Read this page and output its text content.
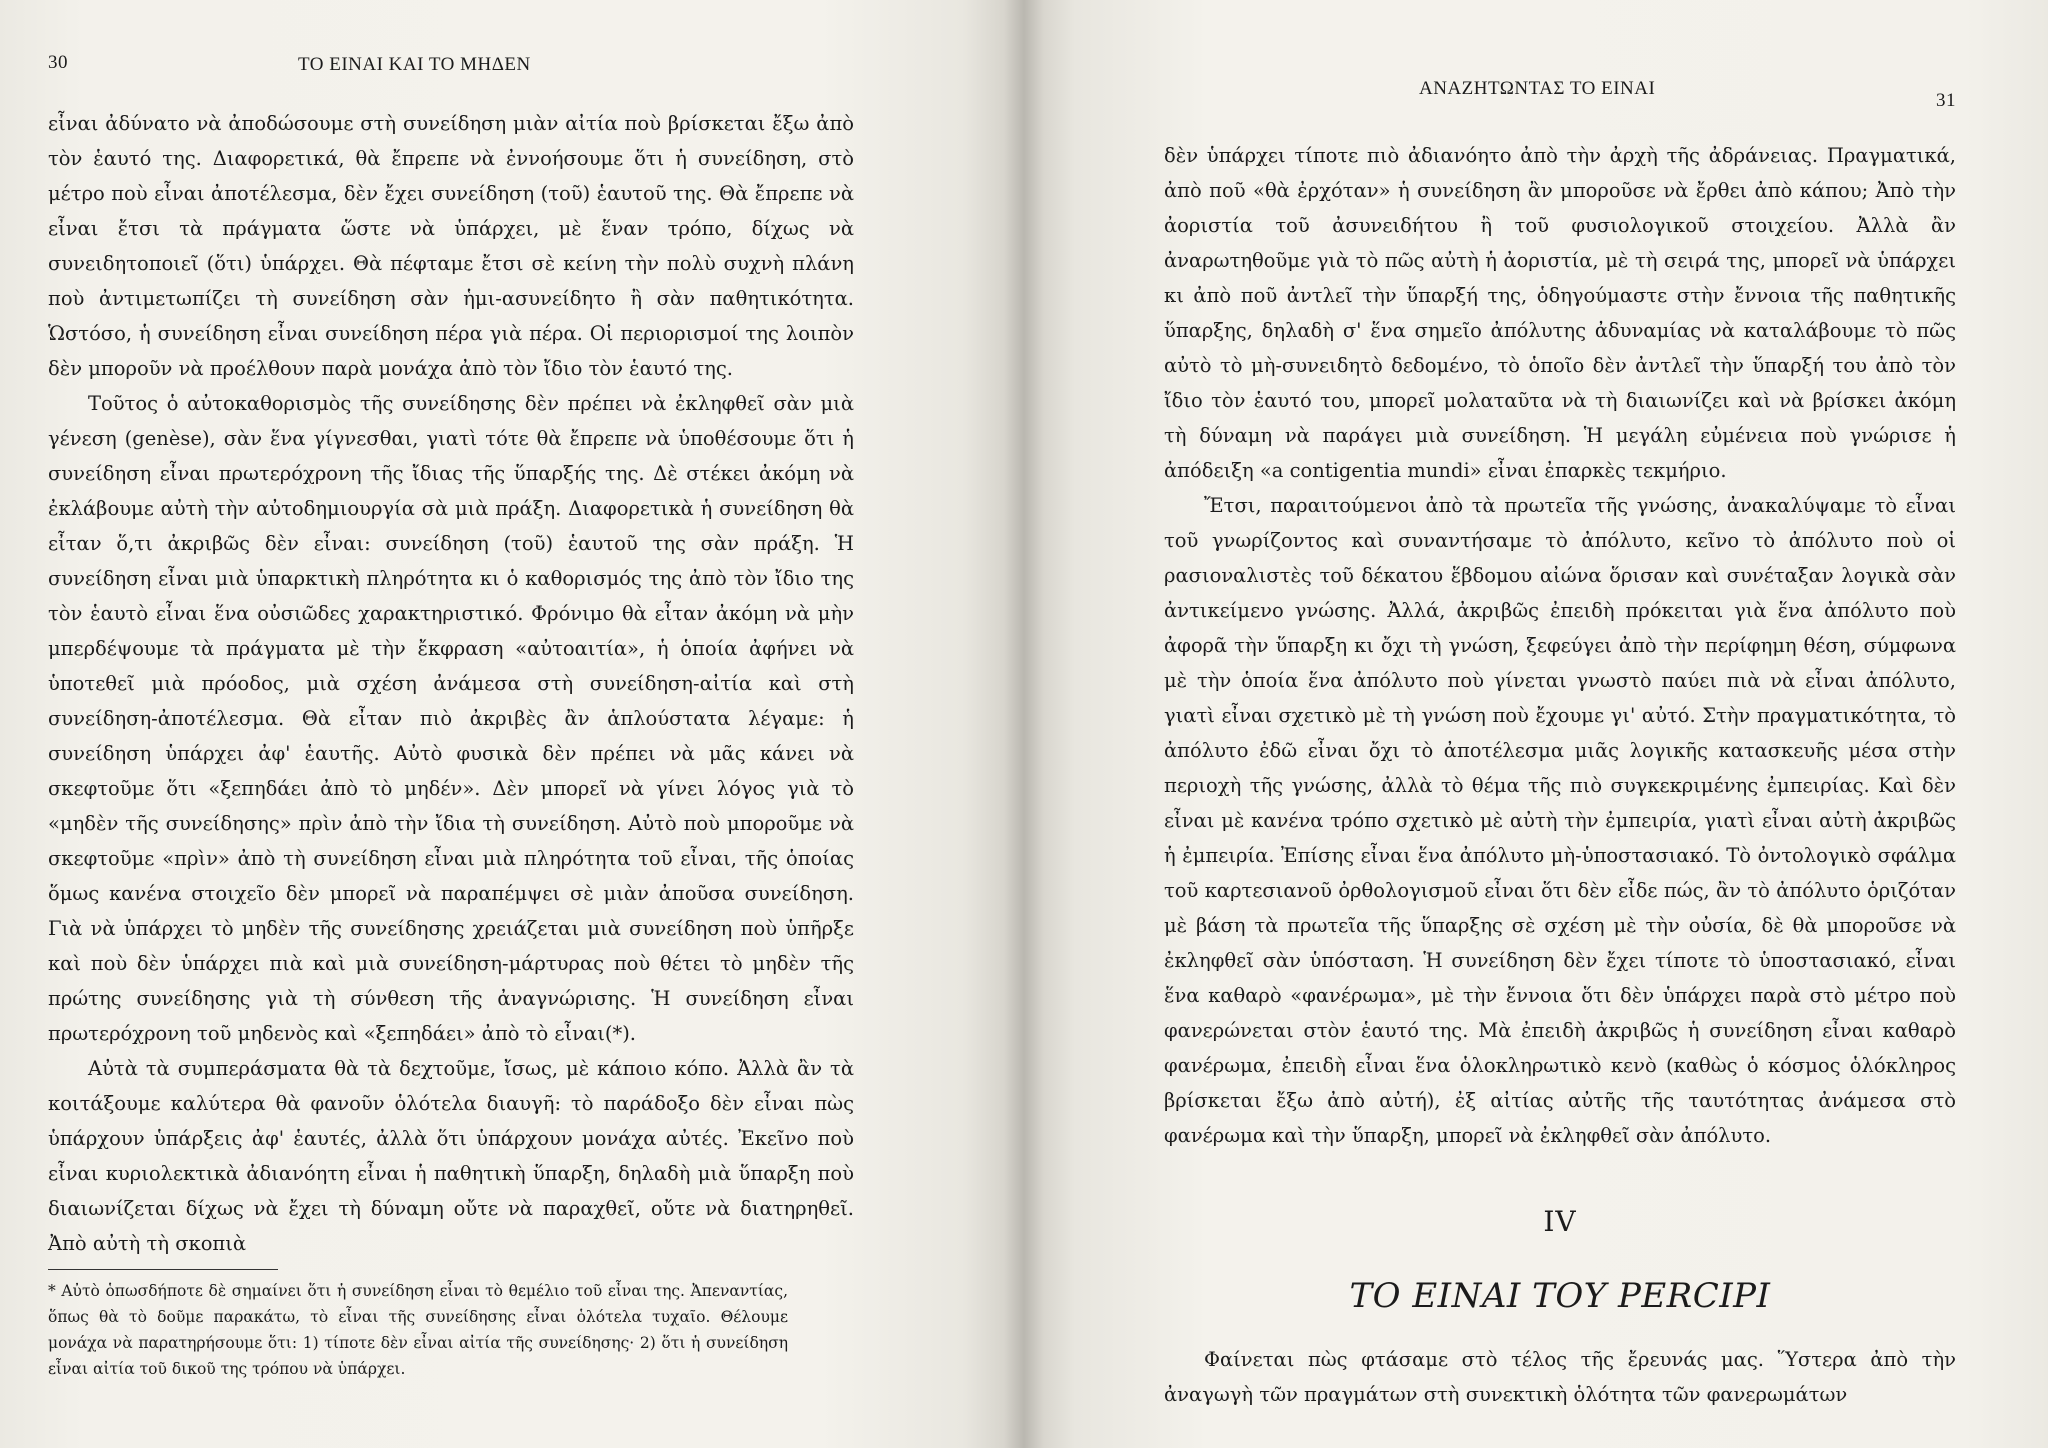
30	ΤΟ ΕΙΝΑΙ ΚΑΙ ΤΟ ΜΗΔΕΝ

εἶναι ἀδύνατο νὰ ἀποδώσουμε στὴ συνείδηση μιὰν αἰτία ποὺ βρίσκεται ἔξω ἀπὸ τὸν ἑαυτό της. Διαφορετικά, θὰ ἔπρεπε νὰ ἐννοήσουμε ὅτι ἡ συνείδηση, στὸ μέτρο ποὺ εἶναι ἀποτέλεσμα, δὲν ἔχει συνείδηση (τοῦ) ἑαυτοῦ της. Θὰ ἔπρεπε νὰ εἶναι ἔτσι τὰ πράγματα ὥστε νὰ ὑπάρχει, μὲ ἕναν τρόπο, δίχως νὰ συνειδητοποιεῖ (ὅτι) ὑπάρχει. Θὰ πέφταμε ἔτσι σὲ κείνη τὴν πολὺ συχνὴ πλάνη ποὺ ἀντιμετωπίζει τὴ συνείδηση σὰν ἡμι-ασυνείδητο ἢ σὰν παθητικότητα. Ὡστόσο, ἡ συνείδηση εἶναι συνείδηση πέρα γιὰ πέρα. Οἱ περιορισμοί της λοιπὸν δὲν μποροῦν νὰ προέλθουν παρὰ μονάχα ἀπὸ τὸν ἴδιο τὸν ἑαυτό της.

Τοῦτος ὁ αὐτοκαθορισμὸς τῆς συνείδησης δὲν πρέπει νὰ ἐκληφθεῖ σὰν μιὰ γένεση (genèse), σὰν ἕνα γίγνεσθαι, γιατὶ τότε θὰ ἔπρεπε νὰ ὑποθέσουμε ὅτι ἡ συνείδηση εἶναι πρωτερόχρονη τῆς ἴδιας τῆς ὕπαρξής της. Δὲ στέκει ἀκόμη νὰ ἐκλάβουμε αὐτὴ τὴν αὐτοδημιουργία σὰ μιὰ πράξη. Διαφορετικὰ ἡ συνείδηση θὰ εἶταν ὅ,τι ἀκριβῶς δὲν εἶναι: συνείδηση (τοῦ) ἑαυτοῦ της σὰν πράξη. Ἡ συνείδηση εἶναι μιὰ ὑπαρκτικὴ πληρότητα κι ὁ καθορισμός της ἀπὸ τὸν ἴδιο της τὸν ἑαυτὸ εἶναι ἕνα οὐσιῶδες χαρακτηριστικό. Φρόνιμο θὰ εἶταν ἀκόμη νὰ μὴν μπερδέψουμε τὰ πράγματα μὲ τὴν ἔκφραση «αὐτοαιτία», ἡ ὁποία ἀφήνει νὰ ὑποτεθεῖ μιὰ πρόοδος, μιὰ σχέση ἀνάμεσα στὴ συνείδηση-αἰτία καὶ στὴ συνείδηση-ἀποτέλεσμα. Θὰ εἶταν πιὸ ἀκριβὲς ἂν ἁπλούστατα λέγαμε: ἡ συνείδηση ὑπάρχει ἀφ' ἑαυτῆς. Αὐτὸ φυσικὰ δὲν πρέπει νὰ μᾶς κάνει νὰ σκεφτοῦμε ὅτι «ξεπηδάει ἀπὸ τὸ μηδέν». Δὲν μπορεῖ νὰ γίνει λόγος γιὰ τὸ «μηδὲν τῆς συνείδησης» πρὶν ἀπὸ τὴν ἴδια τὴ συνείδηση. Αὐτὸ ποὺ μποροῦμε νὰ σκεφτοῦμε «πρὶν» ἀπὸ τὴ συνείδηση εἶναι μιὰ πληρότητα τοῦ εἶναι, τῆς ὁποίας ὅμως κανένα στοιχεῖο δὲν μπορεῖ νὰ παραπέμψει σὲ μιὰν ἀποῦσα συνείδηση. Γιὰ νὰ ὑπάρχει τὸ μηδὲν τῆς συνείδησης χρειάζεται μιὰ συνείδηση ποὺ ὑπῆρξε καὶ ποὺ δὲν ὑπάρχει πιὰ καὶ μιὰ συνείδηση-μάρτυρας ποὺ θέτει τὸ μηδὲν τῆς πρώτης συνείδησης γιὰ τὴ σύνθεση τῆς ἀναγνώρισης. Ἡ συνείδηση εἶναι πρωτερόχρονη τοῦ μηδενὸς καὶ «ξεπηδάει» ἀπὸ τὸ εἶναι(*).

Αὐτὰ τὰ συμπεράσματα θὰ τὰ δεχτοῦμε, ἴσως, μὲ κάποιο κόπο. Ἀλλὰ ἂν τὰ κοιτάξουμε καλύτερα θὰ φανοῦν ὁλότελα διαυγῆ: τὸ παράδοξο δὲν εἶναι πὼς ὑπάρχουν ὑπάρξεις ἀφ' ἑαυτές, ἀλλὰ ὅτι ὑπάρχουν μονάχα αὐτές. Ἐκεῖνο ποὺ εἶναι κυριολεκτικὰ ἀδιανόητη εἶναι ἡ παθητικὴ ὕπαρξη, δηλαδὴ μιὰ ὕπαρξη ποὺ διαιωνίζεται δίχως νὰ ἔχει τὴ δύναμη οὔτε νὰ παραχθεῖ, οὔτε νὰ διατηρηθεῖ. Ἀπὸ αὐτὴ τὴ σκοπιὰ

* Αὐτὸ ὁπωσδήποτε δὲ σημαίνει ὅτι ἡ συνείδηση εἶναι τὸ θεμέλιο τοῦ εἶναι της. Ἀπεναντίας, ὅπως θὰ τὸ δοῦμε παρακάτω, τὸ εἶναι τῆς συνείδησης εἶναι ὁλότελα τυχαῖο. Θέλουμε μονάχα νὰ παρατηρήσουμε ὅτι: 1) τίποτε δὲν εἶναι αἰτία τῆς συνείδησης· 2) ὅτι ἡ συνείδηση εἶναι αἰτία τοῦ δικοῦ της τρόπου νὰ ὑπάρχει.
ΑΝΑΖΗΤΩΝΤΑΣ ΤΟ ΕΙΝΑΙ
31

δὲν ὑπάρχει τίποτε πιὸ ἀδιανόητο ἀπὸ τὴν ἀρχὴ τῆς ἀδράνειας. Πραγματικά, ἀπὸ ποῦ «θὰ ἐρχόταν» ἡ συνείδηση ἂν μποροῦσε νὰ ἔρθει ἀπὸ κάπου; Ἀπὸ τὴν ἀοριστία τοῦ ἀσυνειδήτου ἢ τοῦ φυσιολογικοῦ στοιχείου. Ἀλλὰ ἂν ἀναρωτηθοῦμε γιὰ τὸ πῶς αὐτὴ ἡ ἀοριστία, μὲ τὴ σειρά της, μπορεῖ νὰ ὑπάρχει κι ἀπὸ ποῦ ἀντλεῖ τὴν ὕπαρξή της, ὁδηγούμαστε στὴν ἔννοια τῆς παθητικῆς ὕπαρξης, δηλαδὴ σ' ἕνα σημεῖο ἀπόλυτης ἀδυναμίας νὰ καταλάβουμε τὸ πῶς αὐτὸ τὸ μὴ-συνειδητὸ δεδομένο, τὸ ὁποῖο δὲν ἀντλεῖ τὴν ὕπαρξή του ἀπὸ τὸν ἴδιο τὸν ἑαυτό του, μπορεῖ μολαταῦτα νὰ τὴ διαιωνίζει καὶ νὰ βρίσκει ἀκόμη τὴ δύναμη νὰ παράγει μιὰ συνείδηση. Ἡ μεγάλη εὐμένεια ποὺ γνώρισε ἡ ἀπόδειξη «a contigentia mundi» εἶναι ἐπαρκὲς τεκμήριο.

Ἔτσι, παραιτούμενοι ἀπὸ τὰ πρωτεῖα τῆς γνώσης, ἀνακαλύψαμε τὸ εἶναι τοῦ γνωρίζοντος καὶ συναντήσαμε τὸ ἀπόλυτο, κεῖνο τὸ ἀπόλυτο ποὺ οἱ ρασιοναλιστὲς τοῦ δέκατου ἕβδομου αἰώνα ὅρισαν καὶ συνέταξαν λογικὰ σὰν ἀντικείμενο γνώσης. Ἀλλά, ἀκριβῶς ἐπειδὴ πρόκειται γιὰ ἕνα ἀπόλυτο ποὺ ἀφορᾶ τὴν ὕπαρξη κι ὄχι τὴ γνώση, ξεφεύγει ἀπὸ τὴν περίφημη θέση, σύμφωνα μὲ τὴν ὁποία ἕνα ἀπόλυτο ποὺ γίνεται γνωστὸ παύει πιὰ νὰ εἶναι ἀπόλυτο, γιατὶ εἶναι σχετικὸ μὲ τὴ γνώση ποὺ ἔχουμε γι' αὐτό. Στὴν πραγματικότητα, τὸ ἀπόλυτο ἐδῶ εἶναι ὄχι τὸ ἀποτέλεσμα μιᾶς λογικῆς κατασκευῆς μέσα στὴν περιοχὴ τῆς γνώσης, ἀλλὰ τὸ θέμα τῆς πιὸ συγκεκριμένης ἐμπειρίας. Καὶ δὲν εἶναι μὲ κανένα τρόπο σχετικὸ μὲ αὐτὴ τὴν ἐμπειρία, γιατὶ εἶναι αὐτὴ ἀκριβῶς ἡ ἐμπειρία. Ἐπίσης εἶναι ἕνα ἀπόλυτο μὴ-ὑποστασιακό. Τὸ ὀντολογικὸ σφάλμα τοῦ καρτεσιανοῦ ὀρθολογισμοῦ εἶναι ὅτι δὲν εἶδε πώς, ἂν τὸ ἀπόλυτο ὁριζόταν μὲ βάση τὰ πρωτεῖα τῆς ὕπαρξης σὲ σχέση μὲ τὴν οὐσία, δὲ θὰ μποροῦσε νὰ ἐκληφθεῖ σὰν ὑπόσταση. Ἡ συνείδηση δὲν ἔχει τίποτε τὸ ὑποστασιακό, εἶναι ἕνα καθαρὸ «φανέρωμα», μὲ τὴν ἔννοια ὅτι δὲν ὑπάρχει παρὰ στὸ μέτρο ποὺ φανερώνεται στὸν ἑαυτό της. Μὰ ἐπειδὴ ἀκριβῶς ἡ συνείδηση εἶναι καθαρὸ φανέρωμα, ἐπειδὴ εἶναι ἕνα ὁλοκληρωτικὸ κενὸ (καθὼς ὁ κόσμος ὁλόκληρος βρίσκεται ἔξω ἀπὸ αὐτή), ἐξ αἰτίας αὐτῆς τῆς ταυτότητας ἀνάμεσα στὸ φανέρωμα καὶ τὴν ὕπαρξη, μπορεῖ νὰ ἐκληφθεῖ σὰν ἀπόλυτο.

IV
ΤΟ ΕΙΝΑΙ ΤΟΥ PERCIPI

Φαίνεται πὼς φτάσαμε στὸ τέλος τῆς ἔρευνάς μας. Ὕστερα ἀπὸ τὴν ἀναγωγὴ τῶν πραγμάτων στὴ συνεκτικὴ ὁλότητα τῶν φανερωμάτων
